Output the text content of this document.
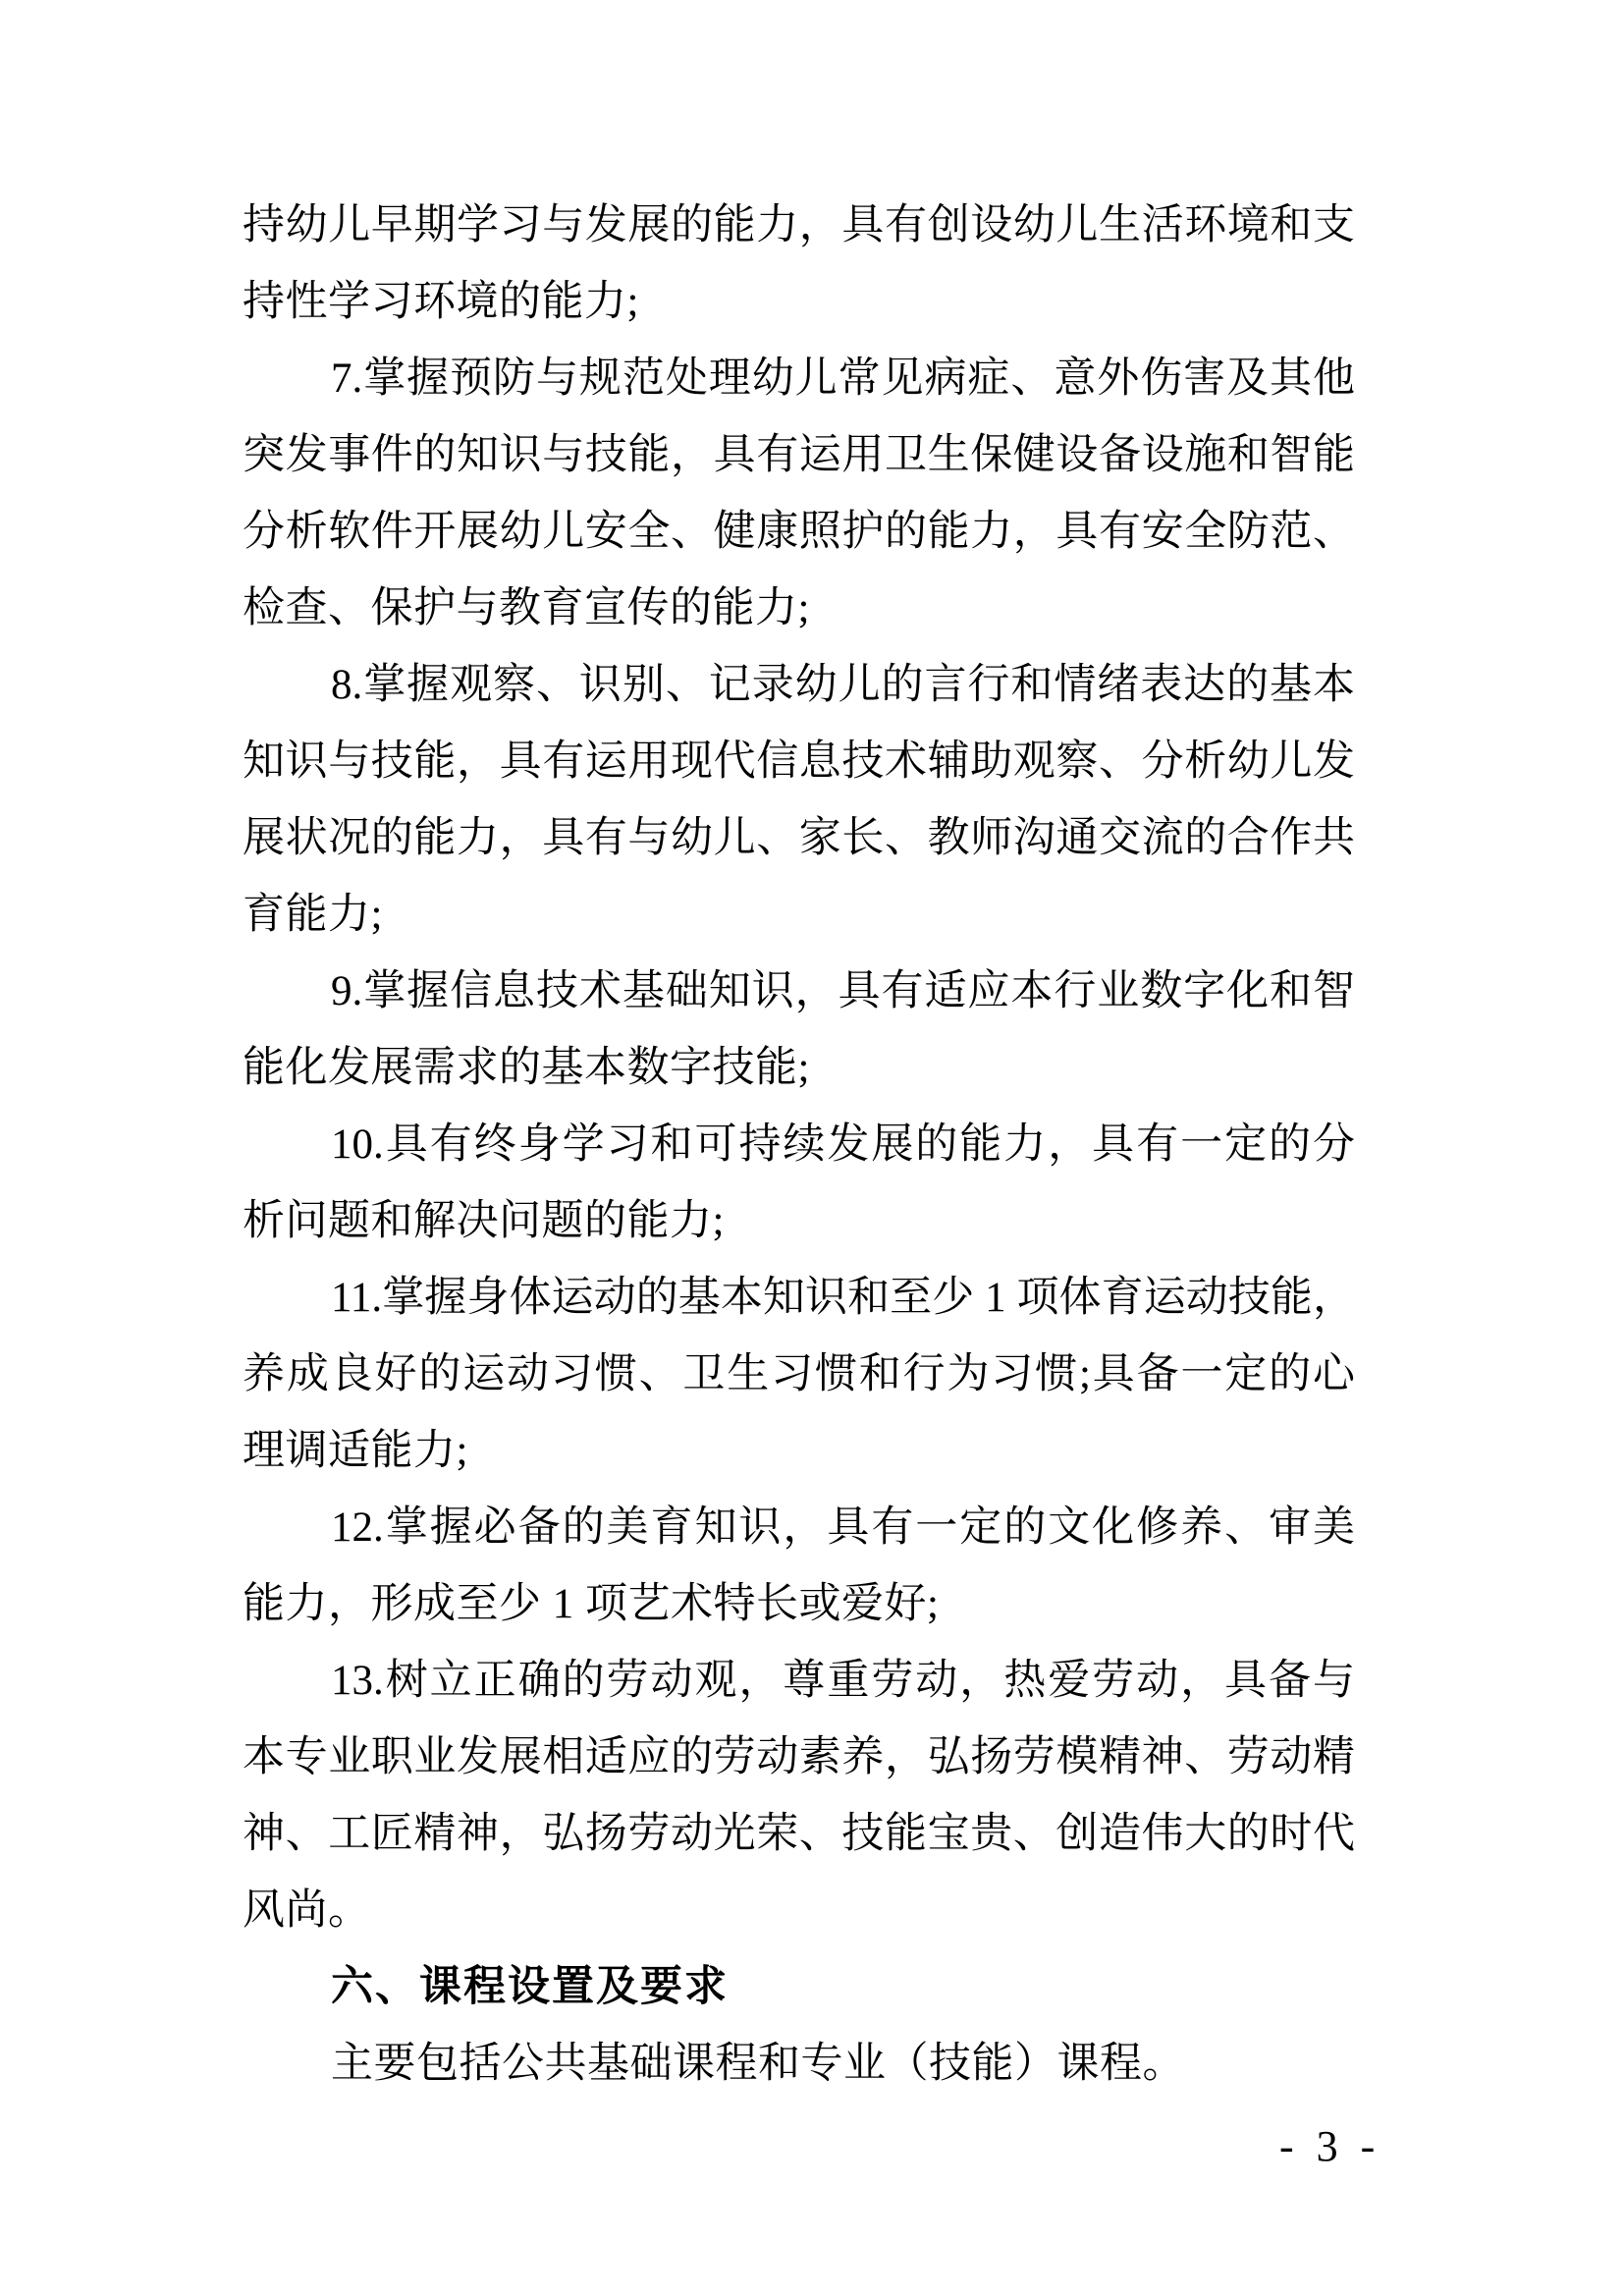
持幼儿早期学习与发展的能力，具有创设幼儿生活环境和支
持性学习环境的能力;
7.掌握预防与规范处理幼儿常见病症、意外伤害及其他
突发事件的知识与技能，具有运用卫生保健设备设施和智能
分析软件开展幼儿安全、健康照护的能力，具有安全防范、
检查、保护与教育宣传的能力;
8.掌握观察、识别、记录幼儿的言行和情绪表达的基本
知识与技能，具有运用现代信息技术辅助观察、分析幼儿发
展状况的能力，具有与幼儿、家长、教师沟通交流的合作共
育能力;
9.掌握信息技术基础知识，具有适应本行业数字化和智
能化发展需求的基本数字技能;
10.具有终身学习和可持续发展的能力，具有一定的分
析问题和解决问题的能力;
11.掌握身体运动的基本知识和至少 1 项体育运动技能，
养成良好的运动习惯、卫生习惯和行为习惯;具备一定的心
理调适能力;
12.掌握必备的美育知识，具有一定的文化修养、审美
能力，形成至少 1 项艺术特长或爱好;
13.树立正确的劳动观，尊重劳动，热爱劳动，具备与
本专业职业发展相适应的劳动素养，弘扬劳模精神、劳动精
神、工匠精神，弘扬劳动光荣、技能宝贵、创造伟大的时代
风尚。
六、课程设置及要求
主要包括公共基础课程和专业（技能）课程。
- 3 -
